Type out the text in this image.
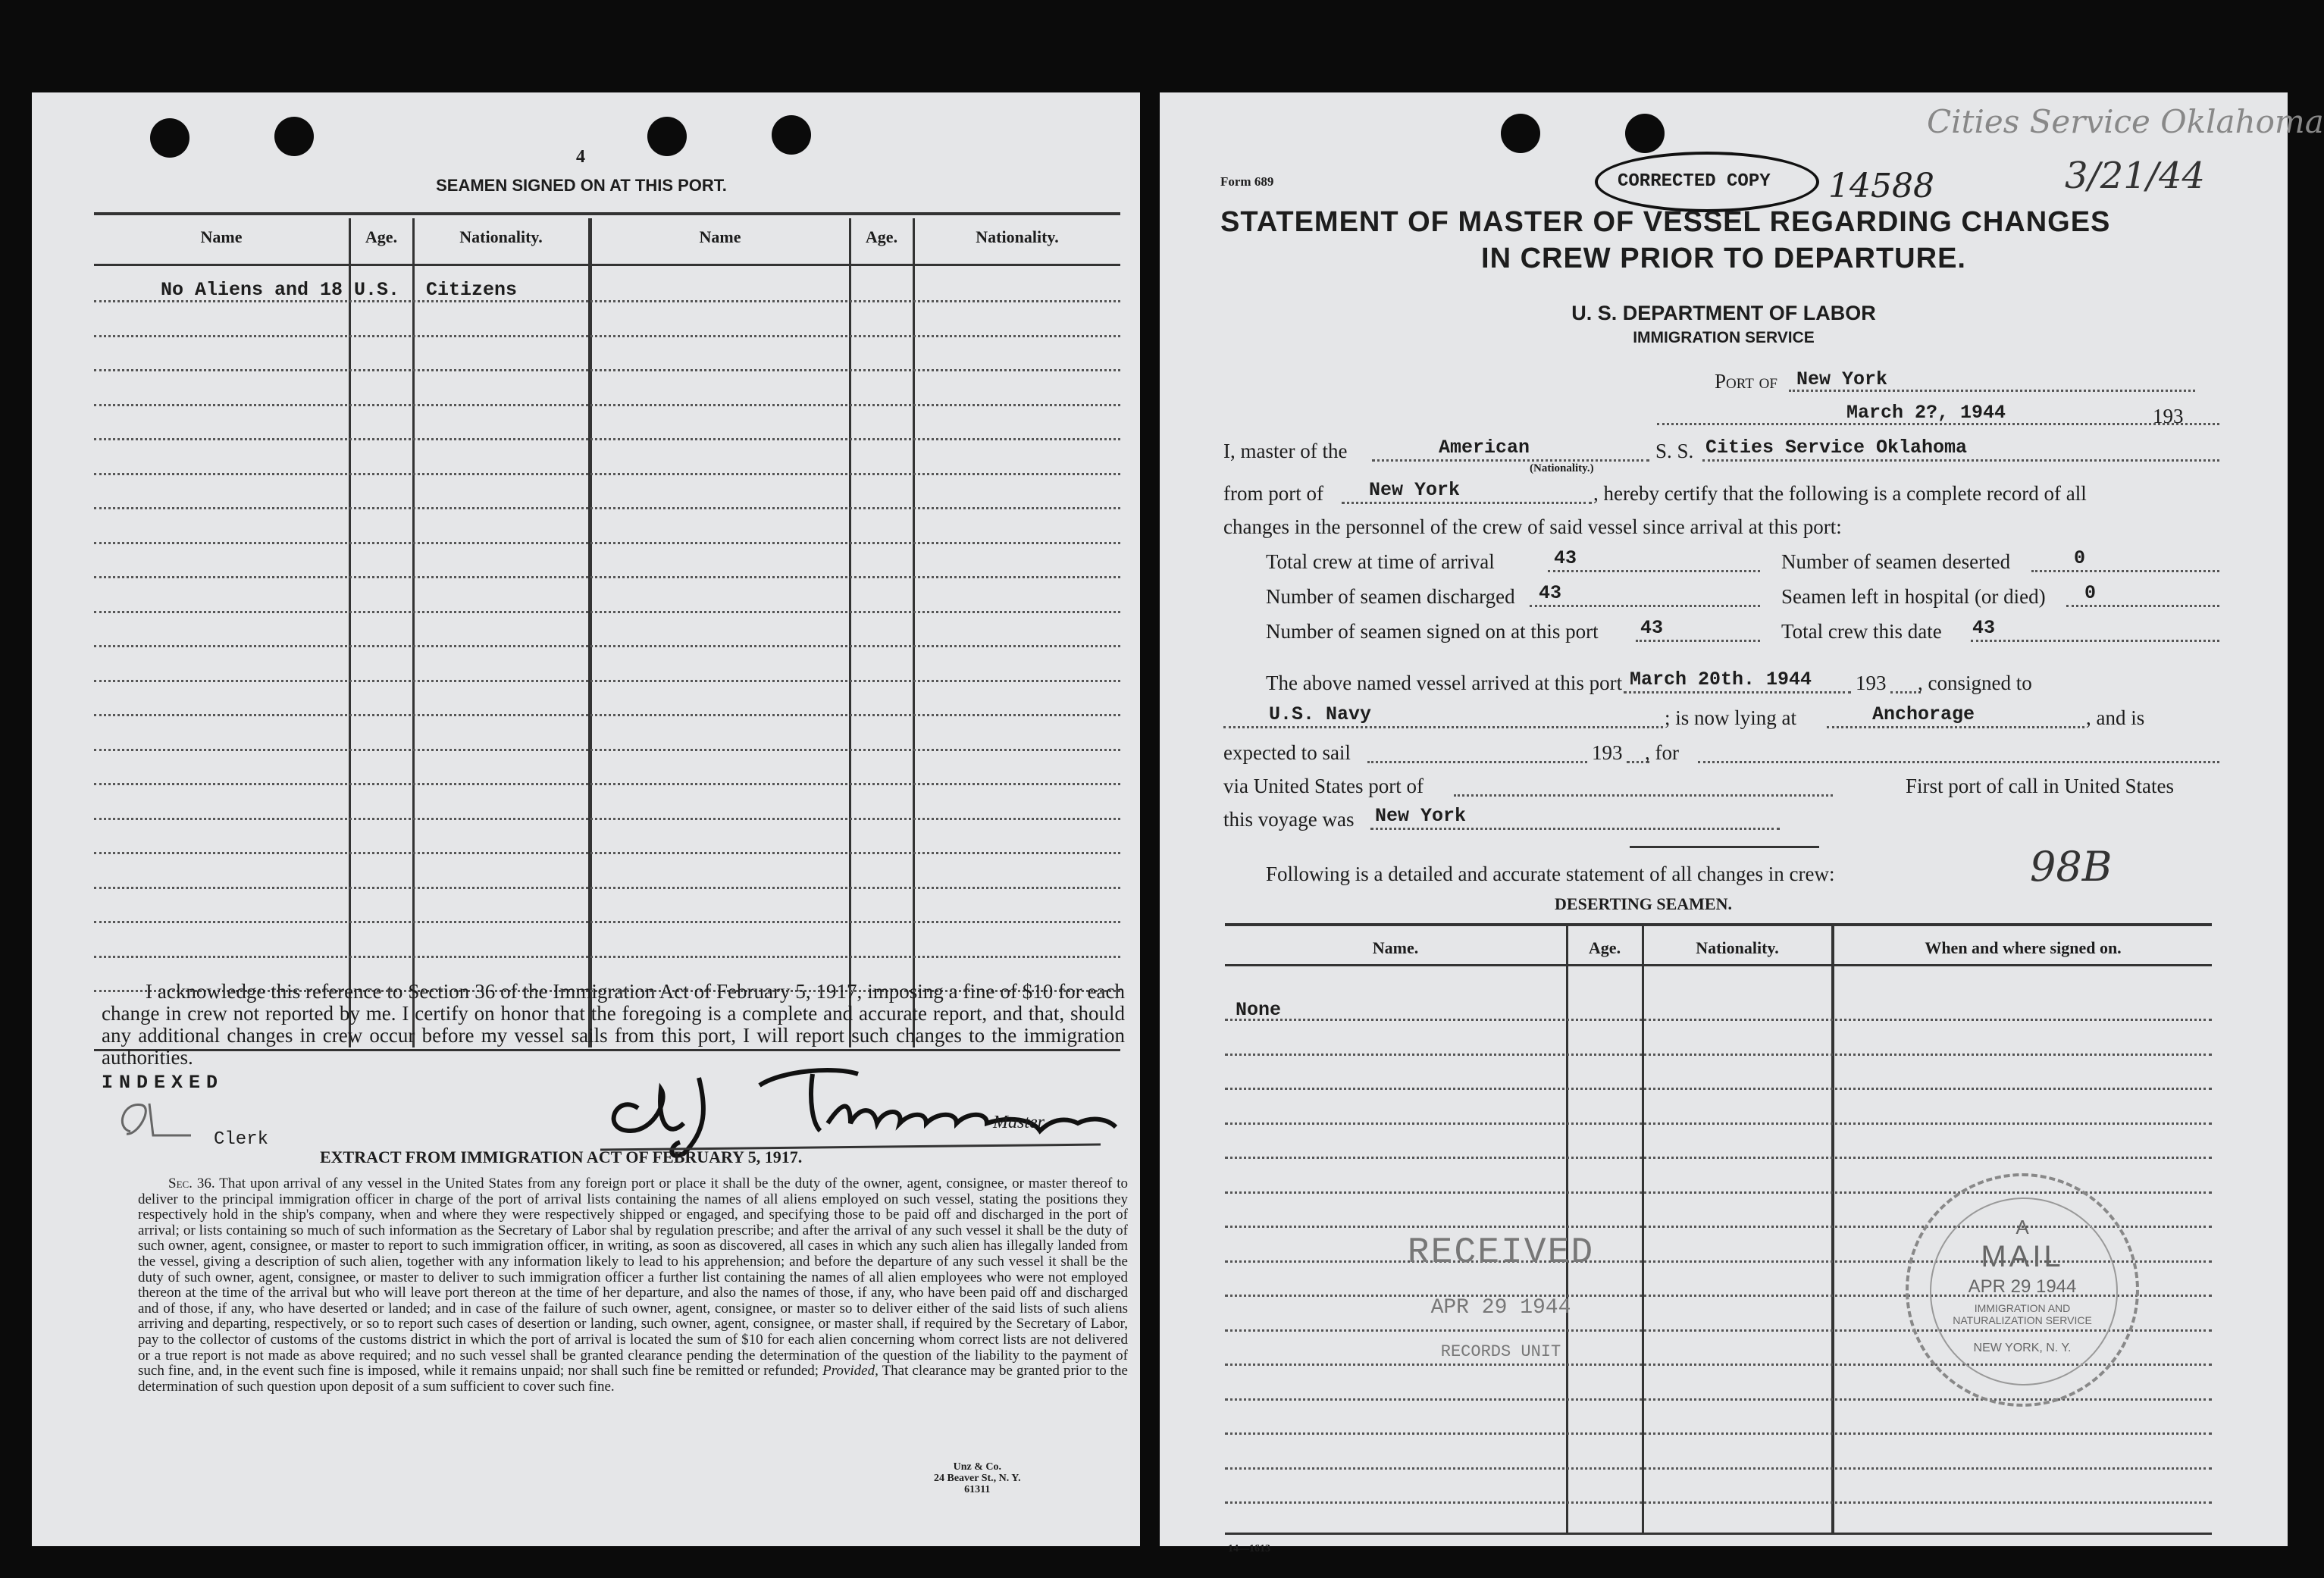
4
SEAMEN SIGNED ON AT THIS PORT.
Name	Age.	Nationality.	Name	Age.	Nationality.
No Aliens and 18 U.S. Citizens
I acknowledge this reference to Section 36 of the Immigration Act of February 5, 1917, imposing a fine of $10 for each change in crew not reported by me. I certify on honor that the foregoing is a complete and accurate report, and that, should any additional changes in crew occur before my vessel sails from this port, I will report such changes to the immigration authorities.
INDEXED
Clerk
Master
EXTRACT FROM IMMIGRATION ACT OF FEBRUARY 5, 1917.
Sec. 36. That upon arrival of any vessel in the United States from any foreign port or place it shall be the duty of the owner, agent, consignee, or master thereof to deliver to the principal immigration officer in charge of the port of arrival lists containing the names of all aliens employed on such vessel, stating the positions they respectively hold in the ship's company, when and where they were respectively shipped or engaged, and specifying those to be paid off and discharged in the port of arrival; or lists containing so much of such information as the Secretary of Labor shal by regulation prescribe; and after the arrival of any such vessel it shall be the duty of such owner, agent, consignee, or master to report to such immigration officer, in writing, as soon as discovered, all cases in which any such alien has illegally landed from the vessel, giving a description of such alien, together with any information likely to lead to his apprehension; and before the departure of any such vessel it shall be the duty of such owner, agent, consignee, or master to deliver to such immigration officer a further list containing the names of all alien employees who were not employed thereon at the time of the arrival but who will leave port thereon at the time of her departure, and also the names of those, if any, who have been paid off and discharged and of those, if any, who have deserted or landed; and in case of the failure of such owner, agent, consignee, or master so to deliver either of the said lists of such aliens arriving and departing, respectively, or so to report such cases of desertion or landing, such owner, agent, consignee, or master shall, if required by the Secretary of Labor, pay to the collector of customs of the customs district in which the port of arrival is located the sum of $10 for each alien concerning whom correct lists are not delivered or a true report is not made as above required; and no such vessel shall be granted clearance pending the determination of the question of the liability to the payment of such fine, and, in the event such fine is imposed, while it remains unpaid; nor shall such fine be remitted or refunded; Provided, That clearance may be granted prior to the determination of such question upon deposit of a sum sufficient to cover such fine.
Unz & Co.
24 Beaver St., N. Y.
61311
Cities Service Oklahoma
3/21/44
Form 689	CORRECTED COPY 14588
STATEMENT OF MASTER OF VESSEL REGARDING CHANGES
IN CREW PRIOR TO DEPARTURE.
U. S. DEPARTMENT OF LABOR
IMMIGRATION SERVICE
Port of New York
March 2?, 1944	193
I, master of the	American
(Nationality.)
S. S. Cities Service Oklahoma
from port of New York	, hereby certify that the following is a complete record of all
changes in the personnel of the crew of said vessel since arrival at this port:
Total crew at time of arrival	43	Number of seamen deserted	0
Number of seamen discharged 43	Seamen left in hospital (or died) 0
Number of seamen signed on at this port 43	Total crew this date 43
The above named vessel arrived at this port March 20th. 1944 193 , consigned to
U.S. Navy	; is now lying at	Anchorage	, and is
expected to sail	193 , for
via United States port of	First port of call in United States
this voyage was New York
Following is a detailed and accurate statement of all changes in crew:	98B
DESERTING SEAMEN.
Name.	Age.	Nationality.	When and where signed on.
None
RECEIVED
APR 29 1944
RECORDS UNIT
A
MAIL
APR 29 1944
IMMIGRATION AND NATURALIZATION SERVICE
NEW YORK, N. Y.
14—1613
